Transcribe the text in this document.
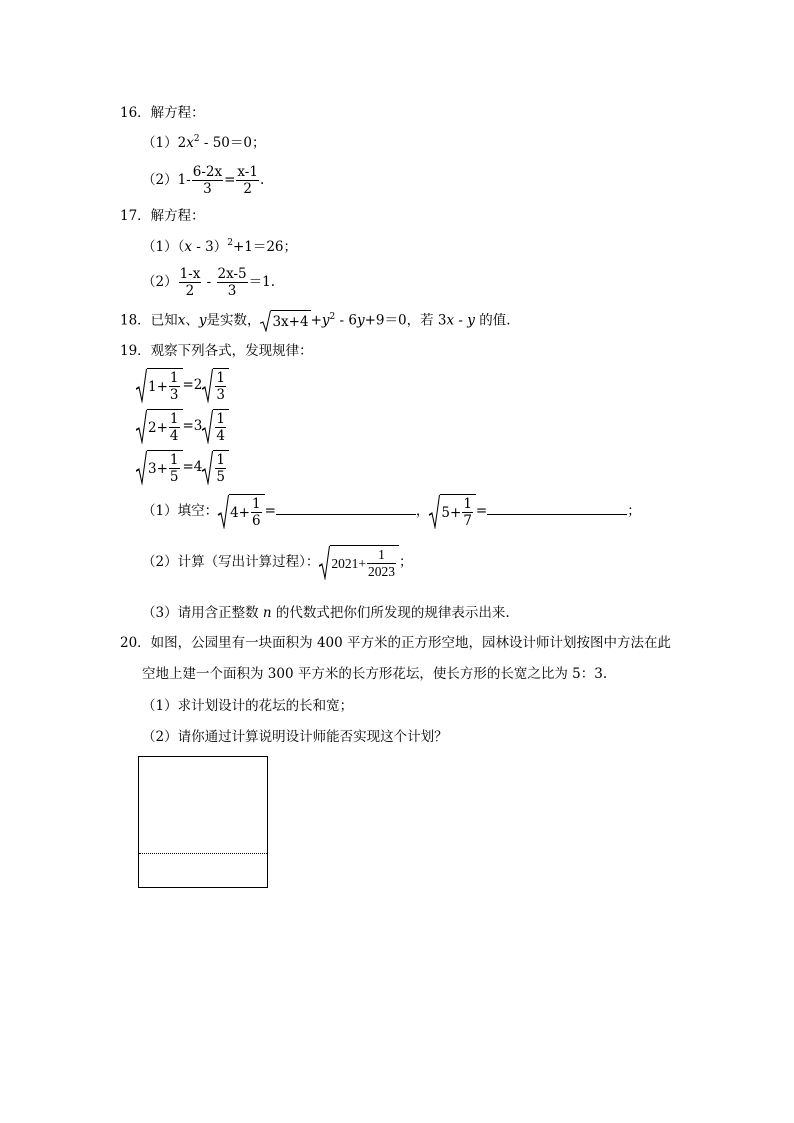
16．解方程：
$(1)2x^2 - 50=0$；
$(2)1- \frac{6-2x}{3} = \frac{x-1}{2}$ .
17．解方程：
（1）（x - 3）$^2$+1＝26；
$(2) \frac{1-x}{2} - \frac{2x-5}{3} =1$.
18．已知x、y是实数， $3x+4 +y^2 - 6y+9=0$，若 3x - y 的值.
19．观察下列各式，发现规律：
$1+ \frac{1}{3} =2 \frac{1}{3}$
$2+ \frac{1}{4} =3 \frac{1}{4}$
$3+ \frac{1}{5} =4 \frac{1}{5}$
（1）填空： $4+ \frac{1}{6}$ =	， $5+ \frac{1}{7}$ =	；
（2）计算（写出计算过程）： $2021+ \frac{1}{2023}$ ；
（3）请用含正整数 n 的代数式把你们所发现的规律表示出来.
20．如图，公园里有一块面积为 400 平方米的正方形空地，园林设计师计划按图中方法在此
空地上建一个面积为 300 平方米的长方形花坛，使长方形的长宽之比为 5：3.
（1）求计划设计的花坛的长和宽；
（2）请你通过计算说明设计师能否实现这个计划？
